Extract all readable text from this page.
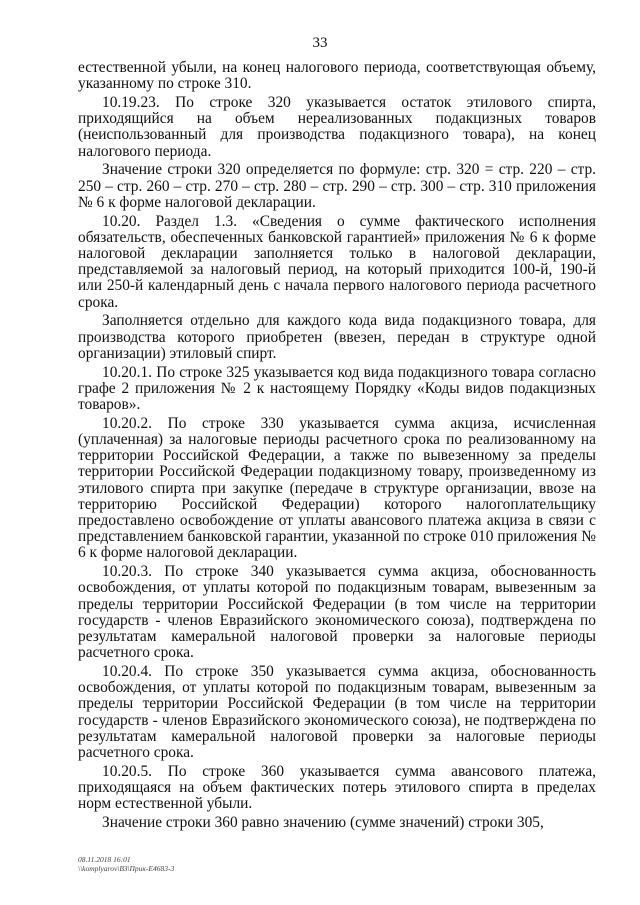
33

естественной убыли, на конец налогового периода, соответствующая объему, указанному по строке 310.

10.19.23. По строке 320 указывается остаток этилового спирта, приходящийся на объем нереализованных подакцизных товаров (неиспользованный для производства подакцизного товара), на конец налогового периода.

Значение строки 320 определяется по формуле: стр. 320 = стр. 220 – стр. 250 – стр. 260 – стр. 270 – стр. 280 – стр. 290 – стр. 300 – стр. 310 приложения № 6 к форме налоговой декларации.

10.20. Раздел 1.3. «Сведения о сумме фактического исполнения обязательств, обеспеченных банковской гарантией» приложения № 6 к форме налоговой декларации заполняется только в налоговой декларации, представляемой за налоговый период, на который приходится 100-й, 190-й или 250-й календарный день с начала первого налогового периода расчетного срока.

Заполняется отдельно для каждого кода вида подакцизного товара, для производства которого приобретен (ввезен, передан в структуре одной организации) этиловый спирт.

10.20.1. По строке 325 указывается код вида подакцизного товара согласно графе 2 приложения № 2 к настоящему Порядку «Коды видов подакцизных товаров».

10.20.2. По строке 330 указывается сумма акциза, исчисленная (уплаченная) за налоговые периоды расчетного срока по реализованному на территории Российской Федерации, а также по вывезенному за пределы территории Российской Федерации подакцизному товару, произведенному из этилового спирта при закупке (передаче в структуре организации, ввозе на территорию Российской Федерации) которого налогоплательщику предоставлено освобождение от уплаты авансового платежа акциза в связи с представлением банковской гарантии, указанной по строке 010 приложения № 6 к форме налоговой декларации.

10.20.3. По строке 340 указывается сумма акциза, обоснованность освобождения, от уплаты которой по подакцизным товарам, вывезенным за пределы территории Российской Федерации (в том числе на территории государств - членов Евразийского экономического союза), подтверждена по результатам камеральной налоговой проверки за налоговые периоды расчетного срока.

10.20.4. По строке 350 указывается сумма акциза, обоснованность освобождения, от уплаты которой по подакцизным товарам, вывезенным за пределы территории Российской Федерации (в том числе на территории государств - членов Евразийского экономического союза), не подтверждена по результатам камеральной налоговой проверки за налоговые периоды расчетного срока.

10.20.5. По строке 360 указывается сумма авансового платежа, приходящаяся на объем фактических потерь этилового спирта в пределах норм естественной убыли.

Значение строки 360 равно значению (сумме значений) строки 305,

08.11.2018 16:01
\\komplyarov\ВЗ\Прик-Е4683-3
